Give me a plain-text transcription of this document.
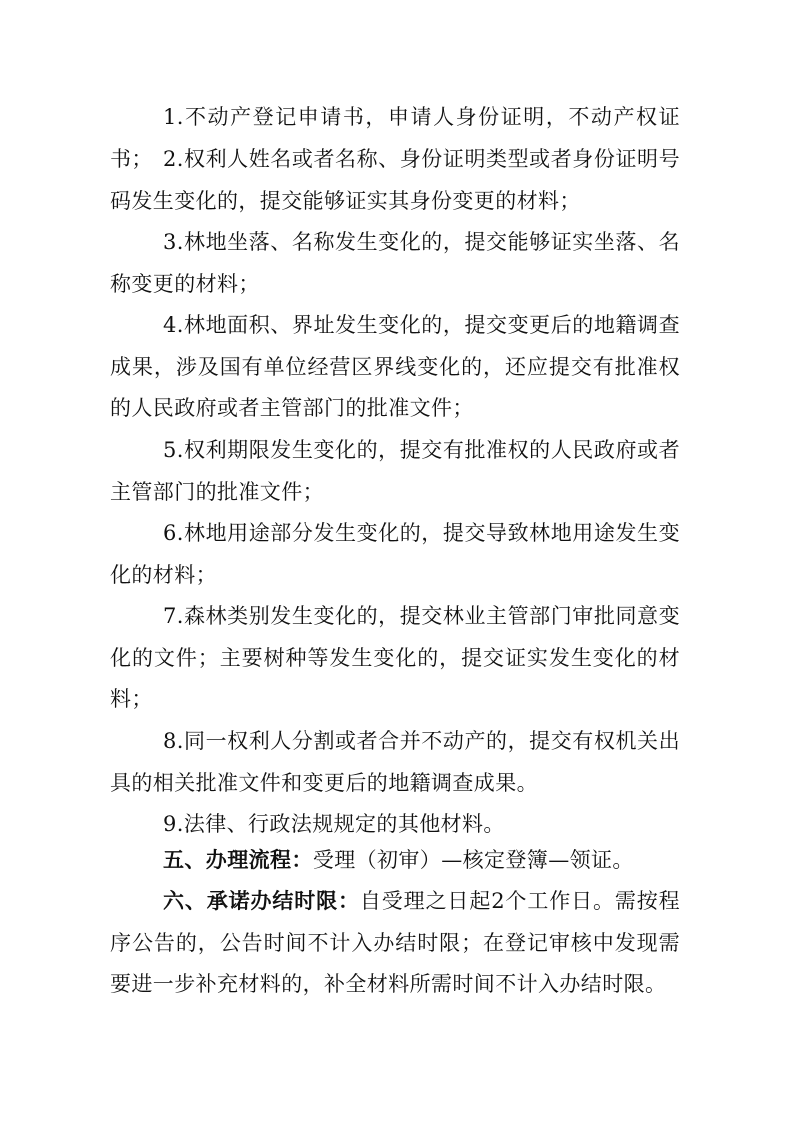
1.不动产登记申请书，申请人身份证明，不动产权证书； 2.权利人姓名或者名称、身份证明类型或者身份证明号码发生变化的，提交能够证实其身份变更的材料；

3.林地坐落、名称发生变化的，提交能够证实坐落、名称变更的材料；

4.林地面积、界址发生变化的，提交变更后的地籍调查成果，涉及国有单位经营区界线变化的，还应提交有批准权的人民政府或者主管部门的批准文件；

5.权利期限发生变化的，提交有批准权的人民政府或者主管部门的批准文件；

6.林地用途部分发生变化的，提交导致林地用途发生变化的材料；

7.森林类别发生变化的，提交林业主管部门审批同意变化的文件；主要树种等发生变化的，提交证实发生变化的材料；

8.同一权利人分割或者合并不动产的，提交有权机关出具的相关批准文件和变更后的地籍调查成果。

9.法律、行政法规规定的其他材料。

五、办理流程：受理（初审）—核定登簿—领证。

六、承诺办结时限：自受理之日起2个工作日。需按程序公告的，公告时间不计入办结时限；在登记审核中发现需要进一步补充材料的，补全材料所需时间不计入办结时限。
